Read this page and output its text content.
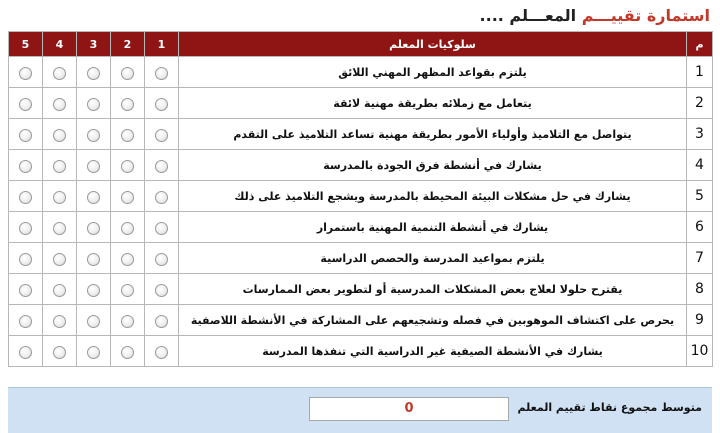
استمارة تقييـــم المعـــلم ....
م	سلوكيات المعلم	1	2	3	4	5
1	يلتزم بقواعد المظهر المهني اللائق					
2	يتعامل مع زملائه بطريقة مهنية لائقة					
3	يتواصل مع التلاميذ وأولياء الأمور بطريقة مهنية تساعد التلاميذ على التقدم					
4	يشارك في أنشطة فرق الجودة بالمدرسة					
5	يشارك في حل مشكلات البيئة المحيطة بالمدرسة ويشجع التلاميذ على ذلك					
6	يشارك في أنشطة التنمية المهنية باستمرار					
7	يلتزم بمواعيد المدرسة والحصص الدراسية					
8	يقترح حلولا لعلاج بعض المشكلات المدرسية أو لتطوير بعض الممارسات					
9	يحرص على اكتشاف الموهوبين في فصله وتشجيعهم على المشاركة في الأنشطة اللاصفية					
10	يشارك في الأنشطة الصيفية غير الدراسية التي تنفذها المدرسة					
متوسط مجموع نقاط تقييم المعلم
0
